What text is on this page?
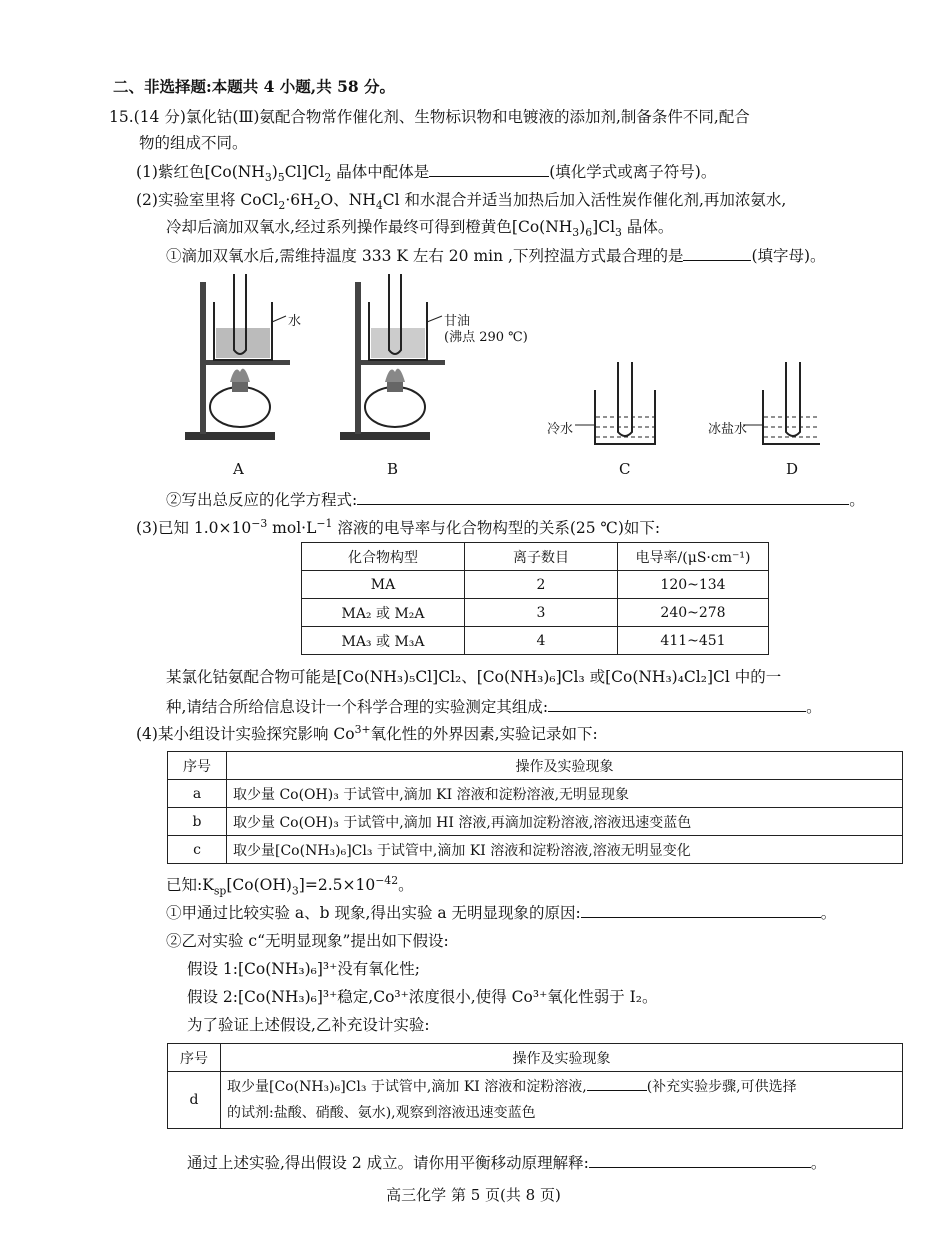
二、非选择题:本题共 4 小题,共 58 分。
15.(14 分)氯化钴(Ⅲ)氨配合物常作催化剂、生物标识物和电镀液的添加剂,制备条件不同,配合
物的组成不同。
(1)紫红色$[Co(NH_3)_5Cl]Cl_2$ 晶体中配体是	(填化学式或离子符号)。
(2)实验室里将 $CoCl_2\cdot 6H_2O$、$NH_4Cl$ 和水混合并适当加热后加入活性炭作催化剂,再加浓氨水,
冷却后滴加双氧水,经过系列操作最终可得到橙黄色$[Co(NH_3)_6]Cl_3$ 晶体。
①滴加双氧水后,需维持温度 333 K 左右 20 min ,下列控温方式最合理的是	(填字母)。
水	甘油
(沸点 290 ℃)
冷水	冰盐水
A	B	C	D
②写出总反应的化学方程式:	。
(3)已知 $1.0\times 10^{-3}$ $mol\cdot L^{-1}$ 溶液的电导率与化合物构型的关系(25 ℃)如下:
化合物构型	离子数目	电导率/(μS·cm⁻¹)
MA	2	120~134
MA₂ 或 M₂A	3	240~278
MA₃ 或 M₃A	4	411~451
某氯化钴氨配合物可能是[Co(NH₃)₅Cl]Cl₂、[Co(NH₃)₆]Cl₃ 或[Co(NH₃)₄Cl₂]Cl 中的一
种,请结合所给信息设计一个科学合理的实验测定其组成:	。
(4)某小组设计实验探究影响 $Co^{3+}$氧化性的外界因素,实验记录如下:
序号	操作及实验现象
a	取少量 Co(OH)₃ 于试管中,滴加 KI 溶液和淀粉溶液,无明显现象
b	取少量 Co(OH)₃ 于试管中,滴加 HI 溶液,再滴加淀粉溶液,溶液迅速变蓝色
c	取少量[Co(NH₃)₆]Cl₃ 于试管中,滴加 KI 溶液和淀粉溶液,溶液无明显变化
已知$:K_{sp}[Co(OH)_3]=2.5\times 10^{-42}$。
①甲通过比较实验 a、b 现象,得出实验 a 无明显现象的原因:	。
②乙对实验 c“无明显现象”提出如下假设:
假设 1:[Co(NH₃)₆]³⁺没有氧化性;
假设 2:[Co(NH₃)₆]³⁺稳定,Co³⁺浓度很小,使得 Co³⁺氧化性弱于 I₂。
为了验证上述假设,乙补充设计实验:
序号	操作及实验现象
d	取少量[Co(NH₃)₆]Cl₃ 于试管中,滴加 KI 溶液和淀粉溶液, (补充实验步骤,可供选择
的试剂:盐酸、硝酸、氨水),观察到溶液迅速变蓝色
通过上述实验,得出假设 2 成立。请你用平衡移动原理解释:	。
高三化学 第 5 页(共 8 页)
